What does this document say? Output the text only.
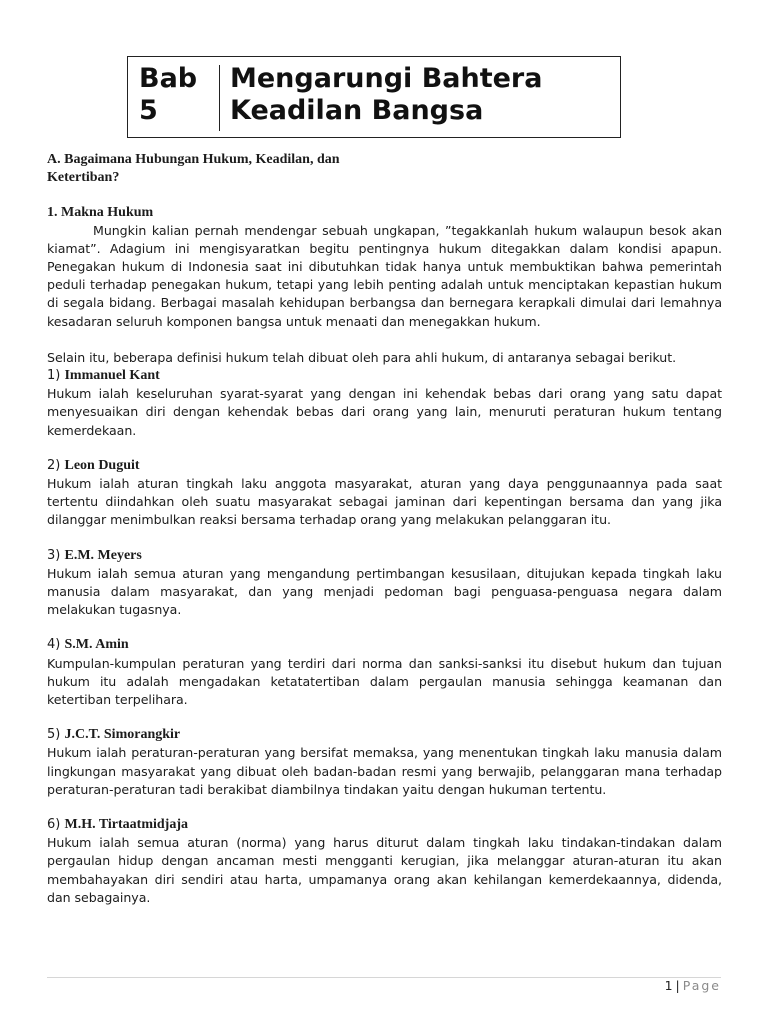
Bab 5
Mengarungi Bahtera Keadilan Bangsa

A. Bagaimana Hubungan Hukum, Keadilan, dan
Ketertiban?

1. Makna Hukum

Mungkin kalian pernah mendengar sebuah ungkapan, ”tegakkanlah hukum walaupun besok akan kiamat”. Adagium ini mengisyaratkan begitu pentingnya hukum ditegakkan dalam kondisi apapun. Penegakan hukum di Indonesia saat ini dibutuhkan tidak hanya untuk membuktikan bahwa pemerintah peduli terhadap penegakan hukum, tetapi yang lebih penting adalah untuk menciptakan kepastian hukum di segala bidang. Berbagai masalah kehidupan berbangsa dan bernegara kerapkali dimulai dari lemahnya kesadaran seluruh komponen bangsa untuk menaati dan menegakkan hukum.

Selain itu, beberapa definisi hukum telah dibuat oleh para ahli hukum, di antaranya sebagai berikut.

1) Immanuel Kant

Hukum ialah keseluruhan syarat-syarat yang dengan ini kehendak bebas dari orang yang satu dapat menyesuaikan diri dengan kehendak bebas dari orang yang lain, menuruti peraturan hukum tentang kemerdekaan.

2) Leon Duguit

Hukum ialah aturan tingkah laku anggota masyarakat, aturan yang daya penggunaannya pada saat tertentu diindahkan oleh suatu masyarakat sebagai jaminan dari kepentingan bersama dan yang jika dilanggar menimbulkan reaksi bersama terhadap orang yang melakukan pelanggaran itu.

3) E.M. Meyers

Hukum ialah semua aturan yang mengandung pertimbangan kesusilaan, ditujukan kepada tingkah laku manusia dalam masyarakat, dan yang menjadi pedoman bagi penguasa-penguasa negara dalam melakukan tugasnya.

4) S.M. Amin

Kumpulan-kumpulan peraturan yang terdiri dari norma dan sanksi-sanksi itu disebut hukum dan tujuan hukum itu adalah mengadakan ketatatertiban dalam pergaulan manusia sehingga keamanan dan ketertiban terpelihara.

5) J.C.T. Simorangkir

Hukum ialah peraturan-peraturan yang bersifat memaksa, yang menentukan tingkah laku manusia dalam lingkungan masyarakat yang dibuat oleh badan-badan resmi yang berwajib, pelanggaran mana terhadap peraturan-peraturan tadi berakibat diambilnya tindakan yaitu dengan hukuman tertentu.

6) M.H. Tirtaatmidjaja

Hukum ialah semua aturan (norma) yang harus diturut dalam tingkah laku tindakan-tindakan dalam pergaulan hidup dengan ancaman mesti mengganti kerugian, jika melanggar aturan-aturan itu akan membahayakan diri sendiri atau harta, umpamanya orang akan kehilangan kemerdekaannya, didenda, dan sebagainya.

1 | Page
